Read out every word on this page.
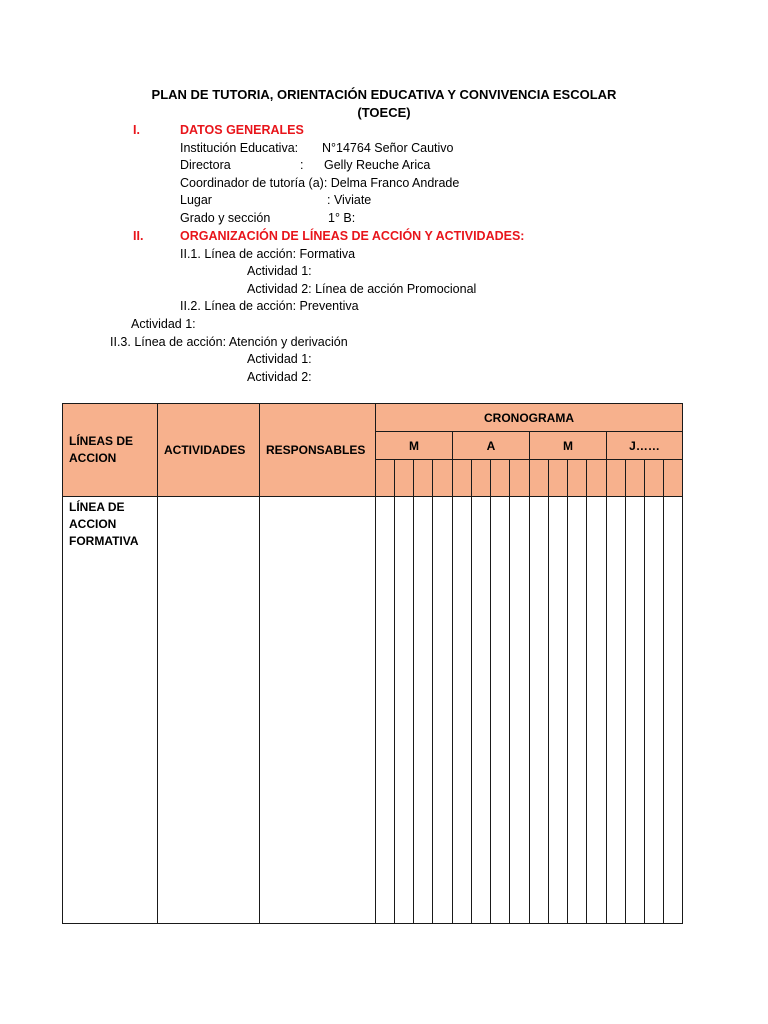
PLAN DE TUTORIA, ORIENTACIÓN EDUCATIVA Y CONVIVENCIA ESCOLAR
(TOECE)
I.	DATOS GENERALES
Institución Educativa: N°14764 Señor Cautivo
Directora	: Gelly Reuche Arica
Coordinador de tutoría (a): Delma Franco Andrade
Lugar	: Viviate
Grado y sección	1° B:
II.	ORGANIZACIÓN DE LÍNEAS DE ACCIÓN Y ACTIVIDADES:
II.1. Línea de acción: Formativa
Actividad 1:
Actividad 2: Línea de acción Promocional
II.2. Línea de acción: Preventiva
Actividad 1:
II.3. Línea de acción: Atención y derivación
Actividad 1:
Actividad 2:
LÍNEAS DE ACCION	ACTIVIDADES	RESPONSABLES	CRONOGRAMA															
			M				A				M				J……			

LÍNEA DE ACCION FORMATIVA																		
